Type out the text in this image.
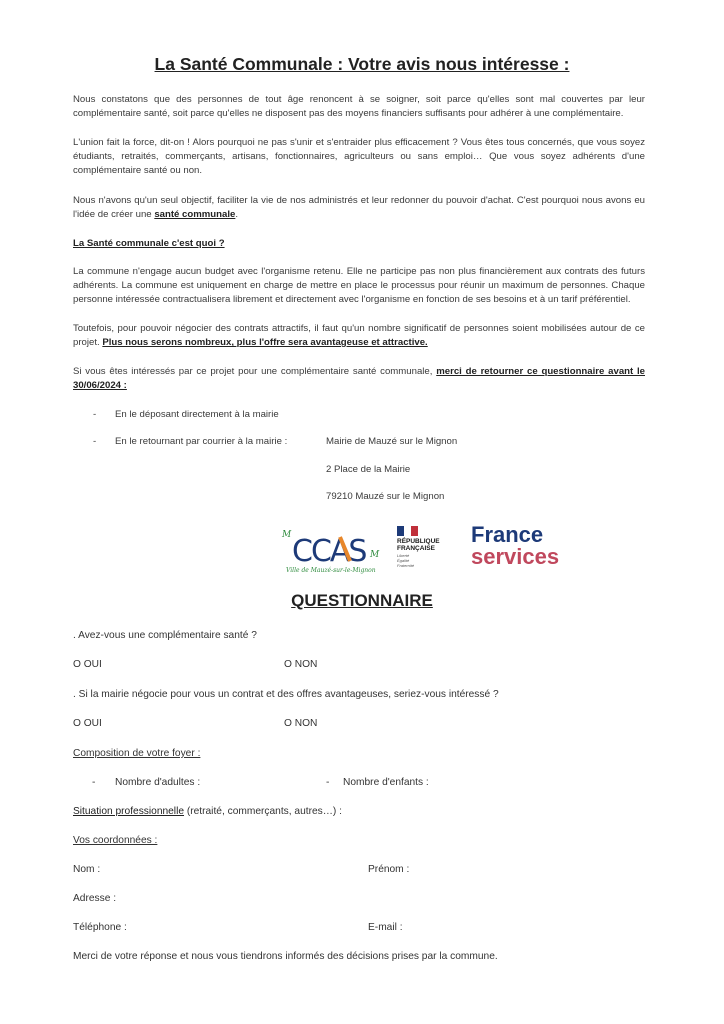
La Santé Communale : Votre avis nous intéresse :
Nous constatons que des personnes de tout âge renoncent à se soigner, soit parce qu'elles sont mal couvertes par leur complémentaire santé, soit parce qu'elles ne disposent pas des moyens financiers suffisants pour adhérer à une complémentaire.
L'union fait la force, dit-on ! Alors pourquoi ne pas s'unir et s'entraider plus efficacement ? Vous êtes tous concernés, que vous soyez étudiants, retraités, commerçants, artisans, fonctionnaires, agriculteurs ou sans emploi… Que vous soyez adhérents d'une complémentaire santé ou non.
Nous n'avons qu'un seul objectif, faciliter la vie de nos administrés et leur redonner du pouvoir d'achat. C'est pourquoi nous avons eu l'idée de créer une santé communale.
La Santé communale c'est quoi ?
La commune n'engage aucun budget avec l'organisme retenu. Elle ne participe pas non plus financièrement aux contrats des futurs adhérents. La commune est uniquement en charge de mettre en place le processus pour réunir un maximum de personnes. Chaque personne intéressée contractualisera librement et directement avec l'organisme en fonction de ses besoins et à un tarif préférentiel.
Toutefois, pour pouvoir négocier des contrats attractifs, il faut qu'un nombre significatif de personnes soient mobilisées autour de ce projet. Plus nous serons nombreux, plus l'offre sera avantageuse et attractive.
Si vous êtes intéressés par ce projet pour une complémentaire santé communale, merci de retourner ce questionnaire avant le 30/06/2024 :
- En le déposant directement à la mairie
- En le retournant par courrier à la mairie :	Mairie de Mauzé sur le Mignon
2 Place de la Mairie
79210 Mauzé sur le Mignon
M CCAS M
Ville de Mauzé-sur-le-Mignon
RÉPUBLIQUE
FRANÇAISE
Liberté
Égalité
Fraternité
France
services
QUESTIONNAIRE
. Avez-vous une complémentaire santé ?
O OUI	O NON
. Si la mairie négocie pour vous un contrat et des offres avantageuses, seriez-vous intéressé ?
O OUI	O NON
Composition de votre foyer :
- Nombre d'adultes :	- Nombre d'enfants :
Situation professionnelle (retraité, commerçants, autres…) :
Vos coordonnées :
Nom :	Prénom :
Adresse :
Téléphone :	E-mail :
Merci de votre réponse et nous vous tiendrons informés des décisions prises par la commune.
